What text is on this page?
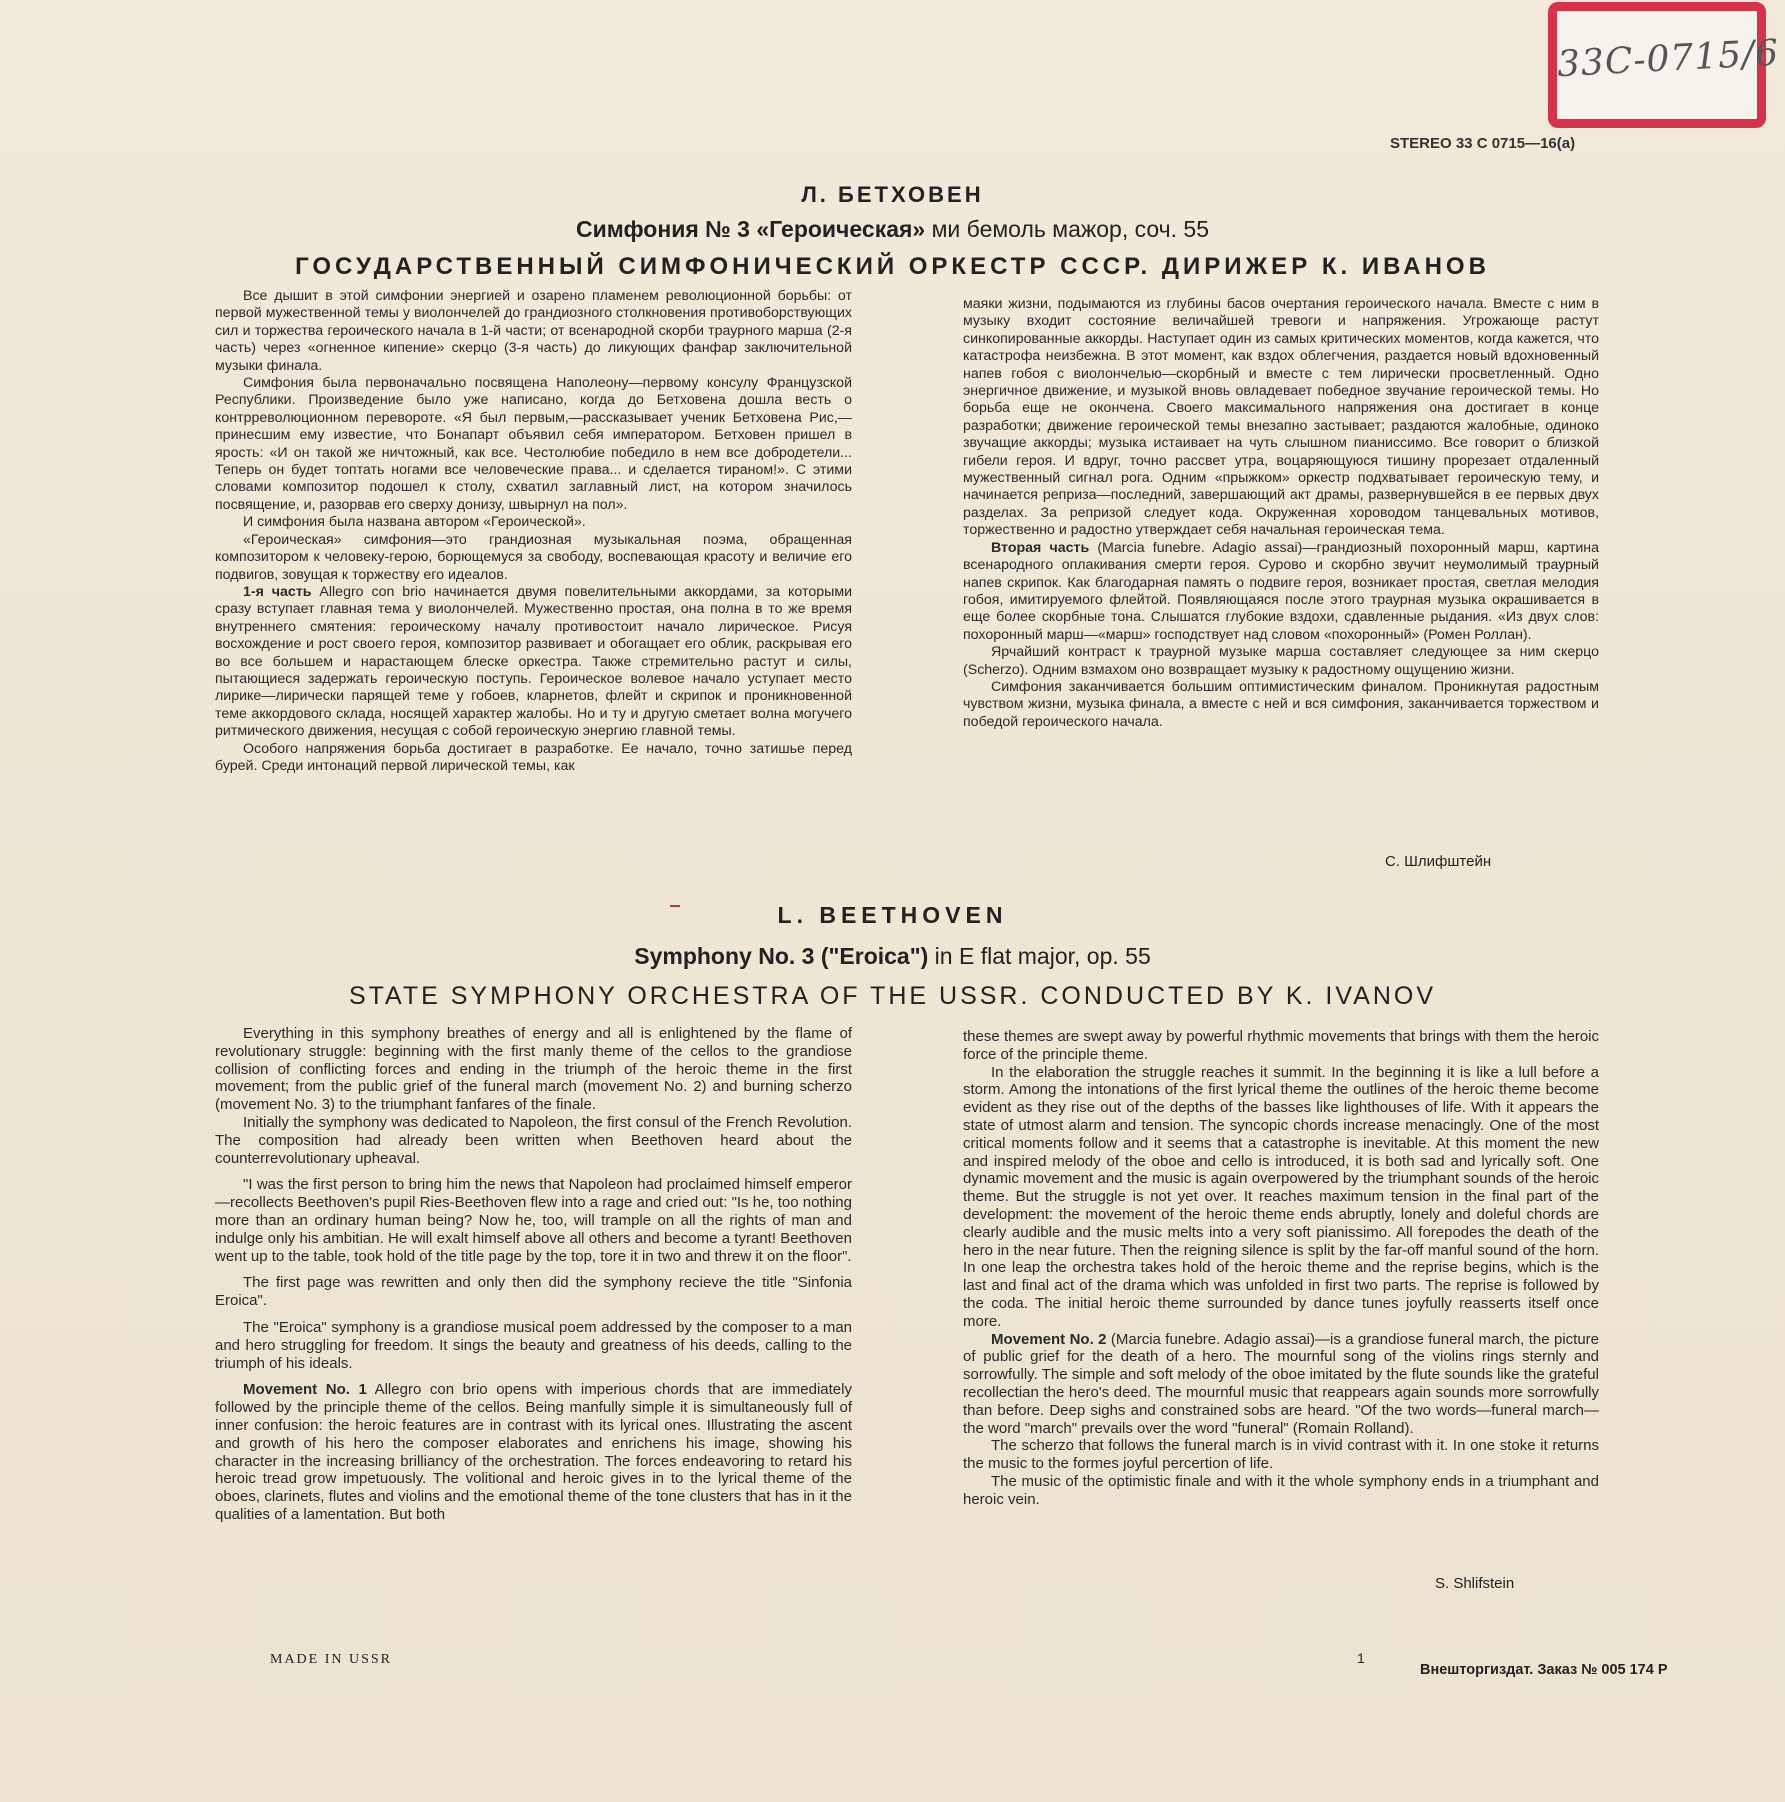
33С-0715/6
STEREO 33 C 0715—16(a)
Л. БЕТХОВЕН
Симфония № 3 «Героическая» ми бемоль мажор, соч. 55
ГОСУДАРСТВЕННЫЙ СИМФОНИЧЕСКИЙ ОРКЕСТР СССР. ДИРИЖЕР К. ИВАНОВ

Все дышит в этой симфонии энергией и озарено пламенем революционной борьбы: от первой мужественной темы у виолончелей до грандиозного столкновения противоборствующих сил и торжества героического начала в 1-й части; от всенародной скорби траурного марша (2-я часть) через «огненное кипение» скерцо (3-я часть) до ликующих фанфар заключительной музыки финала.

Симфония была первоначально посвящена Наполеону—первому консулу Французской Республики. Произведение было уже написано, когда до Бетховена дошла весть о контрреволюционном перевороте. «Я был первым,—рассказывает ученик Бетховена Рис,— принесшим ему известие, что Бонапарт объявил себя императором. Бетховен пришел в ярость: «И он такой же ничтожный, как все. Честолюбие победило в нем все добродетели... Теперь он будет топтать ногами все человеческие права... и сделается тираном!». С этими словами композитор подошел к столу, схватил заглавный лист, на котором значилось посвящение, и, разорвав его сверху донизу, швырнул на пол».

И симфония была названа автором «Героической».

«Героическая» симфония—это грандиозная музыкальная поэма, обращенная композитором к человеку-герою, борющемуся за свободу, воспевающая красоту и величие его подвигов, зовущая к торжеству его идеалов.

1-я часть Allegro con brio начинается двумя повелительными аккордами, за которыми сразу вступает главная тема у виолончелей. Мужественно простая, она полна в то же время внутреннего смятения: героическому началу противостоит начало лирическое. Рисуя восхождение и рост своего героя, композитор развивает и обогащает его облик, раскрывая его во все большем и нарастающем блеске оркестра. Также стремительно растут и силы, пытающиеся задержать героическую поступь. Героическое волевое начало уступает место лирике—лирически парящей теме у гобоев, кларнетов, флейт и скрипок и проникновенной теме аккордового склада, носящей характер жалобы. Но и ту и другую сметает волна могучего ритмического движения, несущая с собой героическую энергию главной темы.

Особого напряжения борьба достигает в разработке. Ее начало, точно затишье перед бурей. Среди интонаций первой лирической темы, как

маяки жизни, подымаются из глубины басов очертания героического начала. Вместе с ним в музыку входит состояние величайшей тревоги и напряжения. Угрожающе растут синкопированные аккорды. Наступает один из самых критических моментов, когда кажется, что катастрофа неизбежна. В этот момент, как вздох облегчения, раздается новый вдохновенный напев гобоя с виолончелью—скорбный и вместе с тем лирически просветленный. Одно энергичное движение, и музыкой вновь овладевает победное звучание героической темы. Но борьба еще не окончена. Своего максимального напряжения она достигает в конце разработки; движение героической темы внезапно застывает; раздаются жалобные, одиноко звучащие аккорды; музыка истаивает на чуть слышном пианиссимо. Все говорит о близкой гибели героя. И вдруг, точно рассвет утра, воцаряющуюся тишину прорезает отдаленный мужественный сигнал рога. Одним «прыжком» оркестр подхватывает героическую тему, и начинается реприза—последний, завершающий акт драмы, развернувшейся в ее первых двух разделах. За репризой следует кода. Окруженная хороводом танцевальных мотивов, торжественно и радостно утверждает себя начальная героическая тема.

Вторая часть (Marcia funebre. Adagio assai)—грандиозный похоронный марш, картина всенародного оплакивания смерти героя. Сурово и скорбно звучит неумолимый траурный напев скрипок. Как благодарная память о подвиге героя, возникает простая, светлая мелодия гобоя, имитируемого флейтой. Появляющаяся после этого траурная музыка окрашивается в еще более скорбные тона. Слышатся глубокие вздохи, сдавленные рыдания. «Из двух слов: похоронный марш—«марш» господствует над словом «похоронный» (Ромен Роллан).

Ярчайший контраст к траурной музыке марша составляет следующее за ним скерцо (Scherzo). Одним взмахом оно возвращает музыку к радостному ощущению жизни.

Симфония заканчивается большим оптимистическим финалом. Проникнутая радостным чувством жизни, музыка финала, а вместе с ней и вся симфония, заканчивается торжеством и победой героического начала.

С. Шлифштейн
L. BEETHOVEN
Symphony No. 3 ("Eroica") in E flat major, op. 55
STATE SYMPHONY ORCHESTRA OF THE USSR. CONDUCTED BY K. IVANOV

Everything in this symphony breathes of energy and all is enlightened by the flame of revolutionary struggle: beginning with the first manly theme of the cellos to the grandiose collision of conflicting forces and ending in the triumph of the heroic theme in the first movement; from the public grief of the funeral march (movement No. 2) and burning scherzo (movement No. 3) to the triumphant fanfares of the finale.

Initially the symphony was dedicated to Napoleon, the first consul of the French Revolution. The composition had already been written when Beethoven heard about the counterrevolutionary upheaval.

"I was the first person to bring him the news that Napoleon had proclaimed himself emperor—recollects Beethoven's pupil Ries-Beethoven flew into a rage and cried out: "Is he, too nothing more than an ordinary human being? Now he, too, will trample on all the rights of man and indulge only his ambitian. He will exalt himself above all others and become a tyrant! Beethoven went up to the table, took hold of the title page by the top, tore it in two and threw it on the floor".

The first page was rewritten and only then did the symphony recieve the title "Sinfonia Eroica".

The "Eroica" symphony is a grandiose musical poem addressed by the composer to a man and hero struggling for freedom. It sings the beauty and greatness of his deeds, calling to the triumph of his ideals.

Movement No. 1 Allegro con brio opens with imperious chords that are immediately followed by the principle theme of the cellos. Being manfully simple it is simultaneously full of inner confusion: the heroic features are in contrast with its lyrical ones. Illustrating the ascent and growth of his hero the composer elaborates and enrichens his image, showing his character in the increasing brilliancy of the orchestration. The forces endeavoring to retard his heroic tread grow impetuously. The volitional and heroic gives in to the lyrical theme of the oboes, clarinets, flutes and violins and the emotional theme of the tone clusters that has in it the qualities of a lamentation. But both

these themes are swept away by powerful rhythmic movements that brings with them the heroic force of the principle theme.

In the elaboration the struggle reaches it summit. In the beginning it is like a lull before a storm. Among the intonations of the first lyrical theme the outlines of the heroic theme become evident as they rise out of the depths of the basses like lighthouses of life. With it appears the state of utmost alarm and tension. The syncopic chords increase menacingly. One of the most critical moments follow and it seems that a catastrophe is inevitable. At this moment the new and inspired melody of the oboe and cello is introduced, it is both sad and lyrically soft. One dynamic movement and the music is again overpowered by the triumphant sounds of the heroic theme. But the struggle is not yet over. It reaches maximum tension in the final part of the development: the movement of the heroic theme ends abruptly, lonely and doleful chords are clearly audible and the music melts into a very soft pianissimo. All forepodes the death of the hero in the near future. Then the reigning silence is split by the far-off manful sound of the horn. In one leap the orchestra takes hold of the heroic theme and the reprise begins, which is the last and final act of the drama which was unfolded in first two parts. The reprise is followed by the coda. The initial heroic theme surrounded by dance tunes joyfully reasserts itself once more.

Movement No. 2 (Marcia funebre. Adagio assai)—is a grandiose funeral march, the picture of public grief for the death of a hero. The mournful song of the violins rings sternly and sorrowfully. The simple and soft melody of the oboe imitated by the flute sounds like the grateful recollectian the hero's deed. The mournful music that reappears again sounds more sorrowfully than before. Deep sighs and constrained sobs are heard. "Of the two words—funeral march—the word "march" prevails over the word "funeral" (Romain Rolland).

The scherzo that follows the funeral march is in vivid contrast with it. In one stoke it returns the music to the formes joyful percertion of life.

The music of the optimistic finale and with it the whole symphony ends in a triumphant and heroic vein.

S. Shlifstein
MADE IN USSR	1
Внешторгиздат. Заказ № 005 174 Р
